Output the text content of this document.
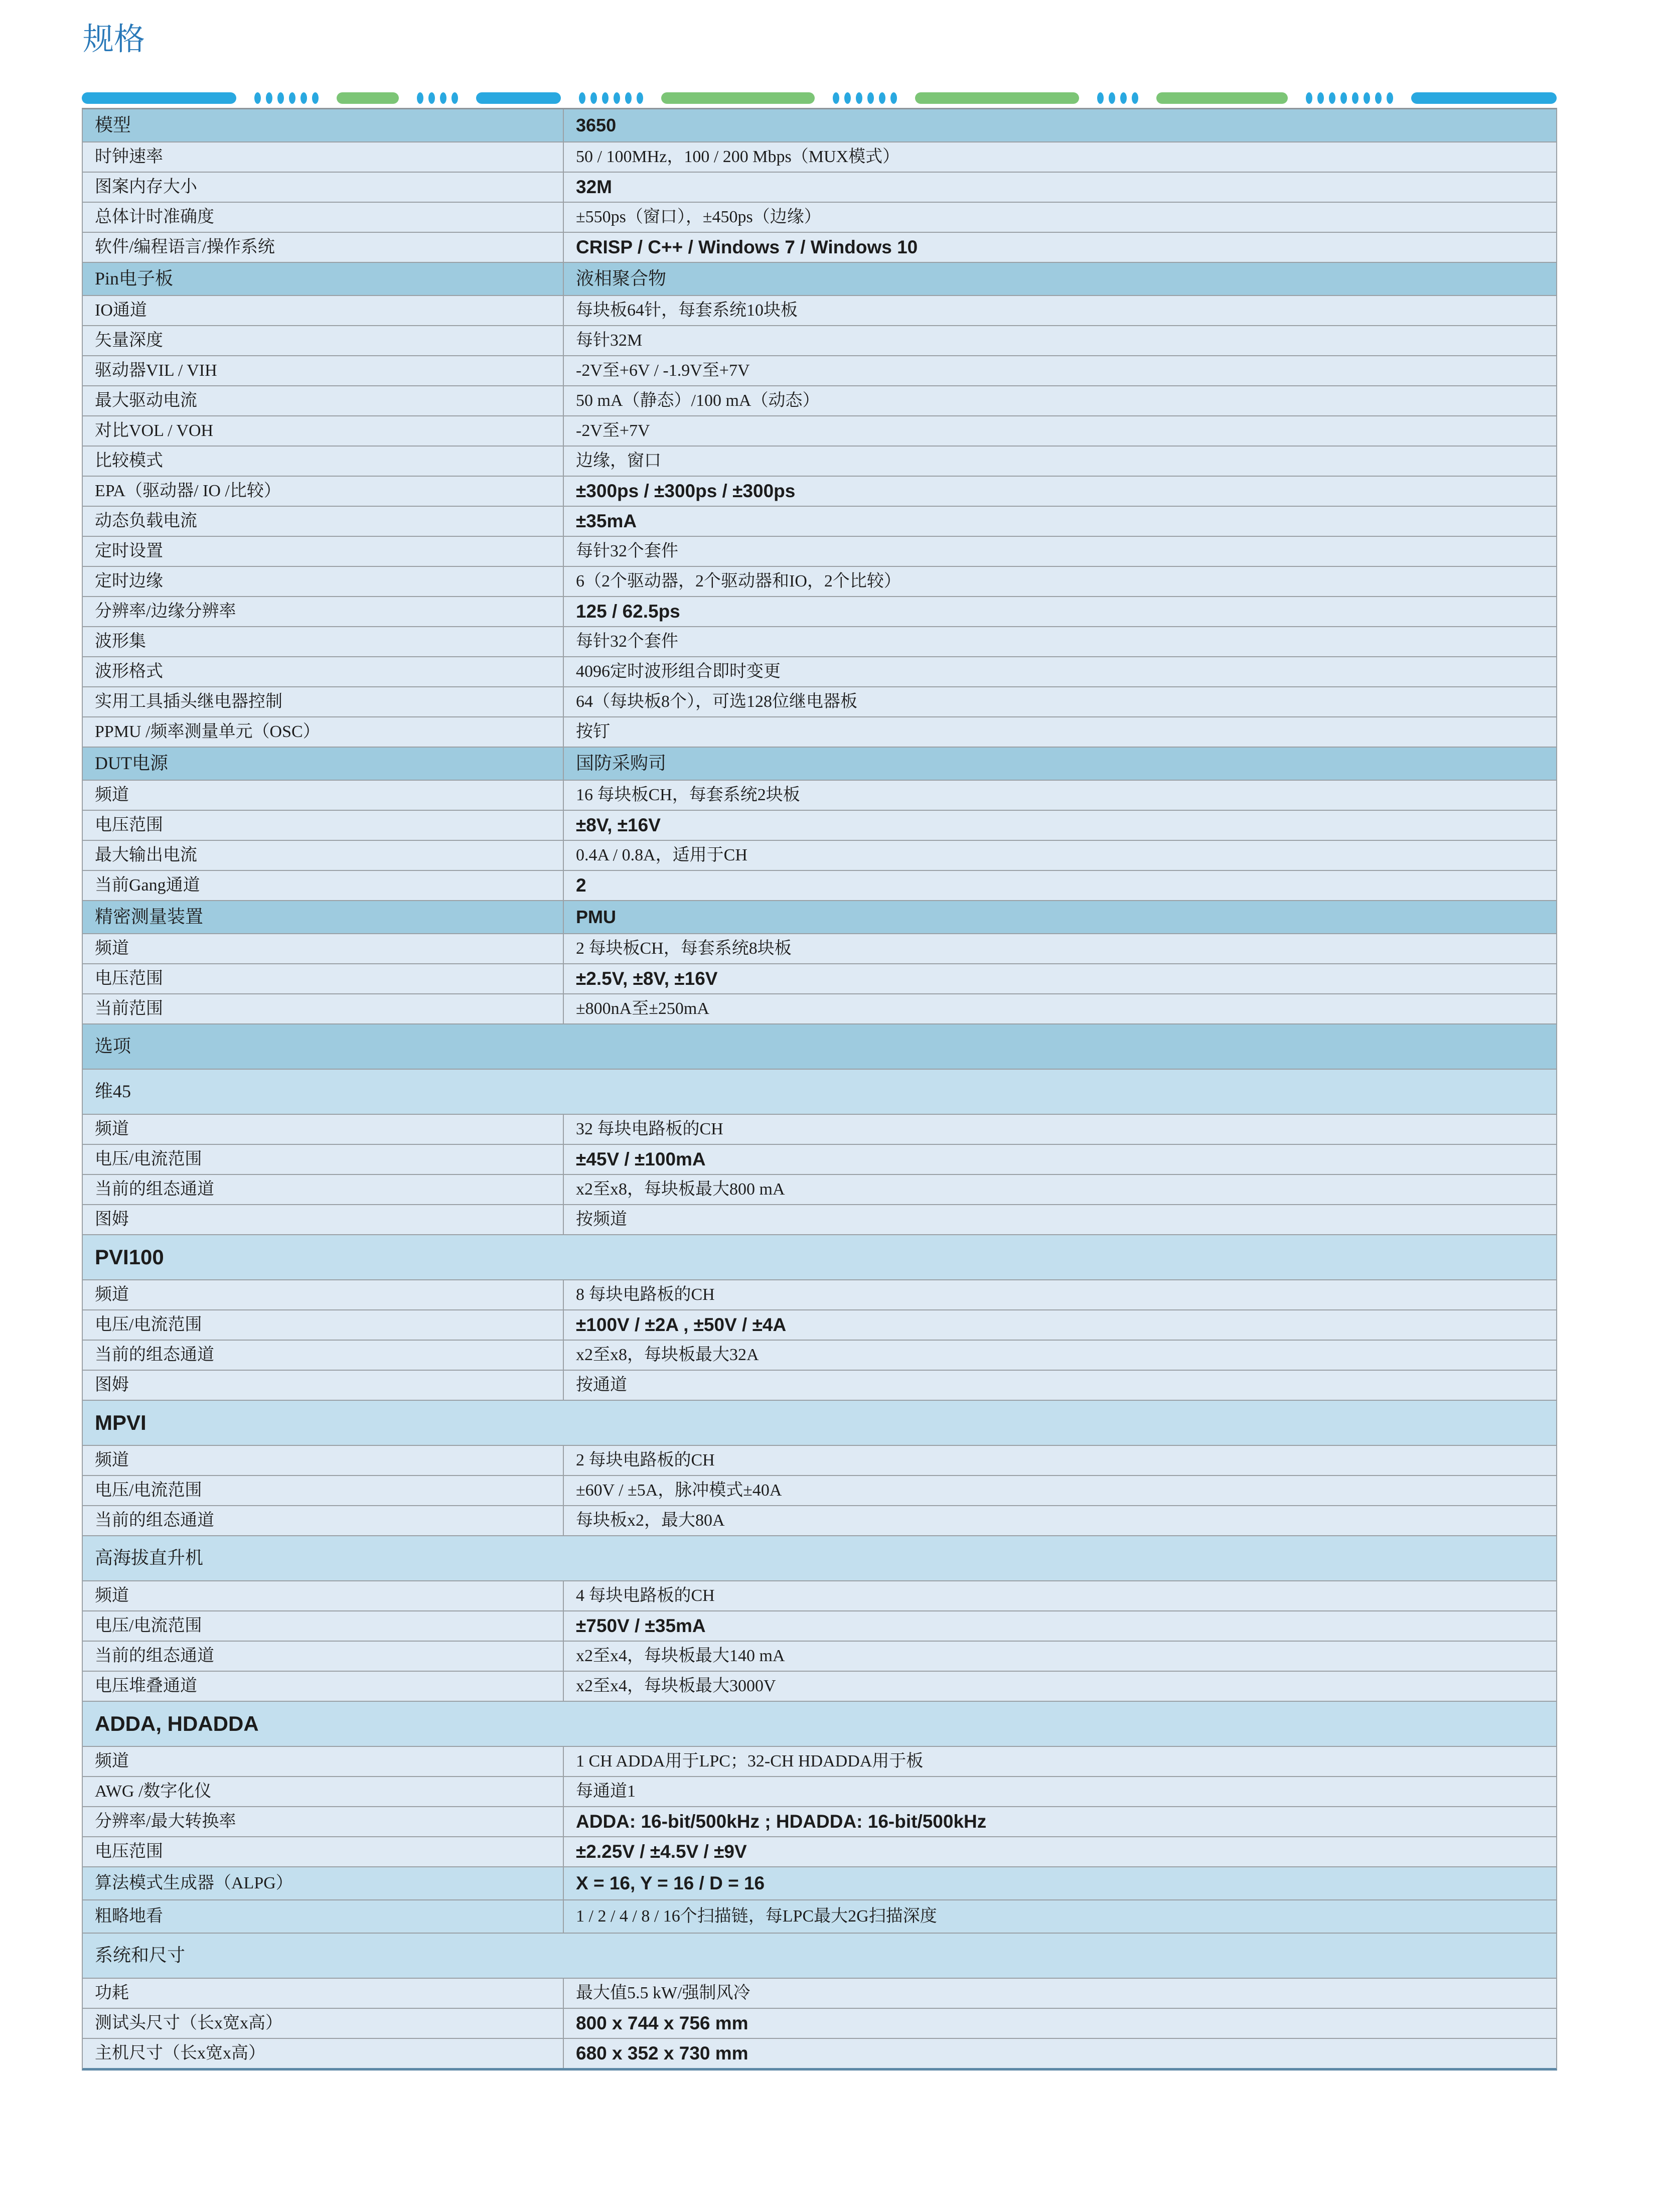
规格
模型	3650
时钟速率	50 / 100MHz，100 / 200 Mbps（MUX模式）
图案内存大小	32M
总体计时准确度	±550ps（窗口），±450ps（边缘）
软件/编程语言/操作系统	CRISP / C++ / Windows 7 / Windows 10
Pin电子板	液相聚合物
IO通道	每块板64针，每套系统10块板
矢量深度	每针32M
驱动器VIL / VIH	-2V至+6V / -1.9V至+7V
最大驱动电流	50 mA（静态）/100 mA（动态）
对比VOL / VOH	-2V至+7V
比较模式	边缘，窗口
EPA（驱动器/ IO /比较）	±300ps / ±300ps / ±300ps
动态负载电流	±35mA
定时设置	每针32个套件
定时边缘	6（2个驱动器，2个驱动器和IO，2个比较）
分辨率/边缘分辨率	125 / 62.5ps
波形集	每针32个套件
波形格式	4096定时波形组合即时变更
实用工具插头继电器控制	64（每块板8个），可选128位继电器板
PPMU /频率测量单元（OSC）	按钉
DUT电源	国防采购司
频道	16 每块板CH，每套系统2块板
电压范围	±8V, ±16V
最大输出电流	0.4A / 0.8A，适用于CH
当前Gang通道	2
精密测量装置	PMU
频道	2 每块板CH，每套系统8块板
电压范围	±2.5V, ±8V, ±16V
当前范围	±800nA至±250mA
选项
维45
频道	32 每块电路板的CH
电压/电流范围	±45V / ±100mA
当前的组态通道	x2至x8，每块板最大800 mA
图姆	按频道
PVI100
频道	8 每块电路板的CH
电压/电流范围	±100V / ±2A , ±50V / ±4A
当前的组态通道	x2至x8，每块板最大32A
图姆	按通道
MPVI
频道	2 每块电路板的CH
电压/电流范围	±60V / ±5A，脉冲模式±40A
当前的组态通道	每块板x2，最大80A
高海拔直升机
频道	4 每块电路板的CH
电压/电流范围	±750V / ±35mA
当前的组态通道	x2至x4，每块板最大140 mA
电压堆叠通道	x2至x4，每块板最大3000V
ADDA, HDADDA
频道	1 CH ADDA用于LPC；32-CH HDADDA用于板
AWG /数字化仪	每通道1
分辨率/最大转换率	ADDA: 16-bit/500kHz ; HDADDA: 16-bit/500kHz
电压范围	±2.25V / ±4.5V / ±9V
算法模式生成器（ALPG）	X = 16, Y = 16 / D = 16
粗略地看	1 / 2 / 4 / 8 / 16个扫描链，每LPC最大2G扫描深度
系统和尺寸
功耗	最大值5.5 kW/强制风冷
测试头尺寸（长x宽x高）	800 x 744 x 756 mm
主机尺寸（长x宽x高）	680 x 352 x 730 mm
